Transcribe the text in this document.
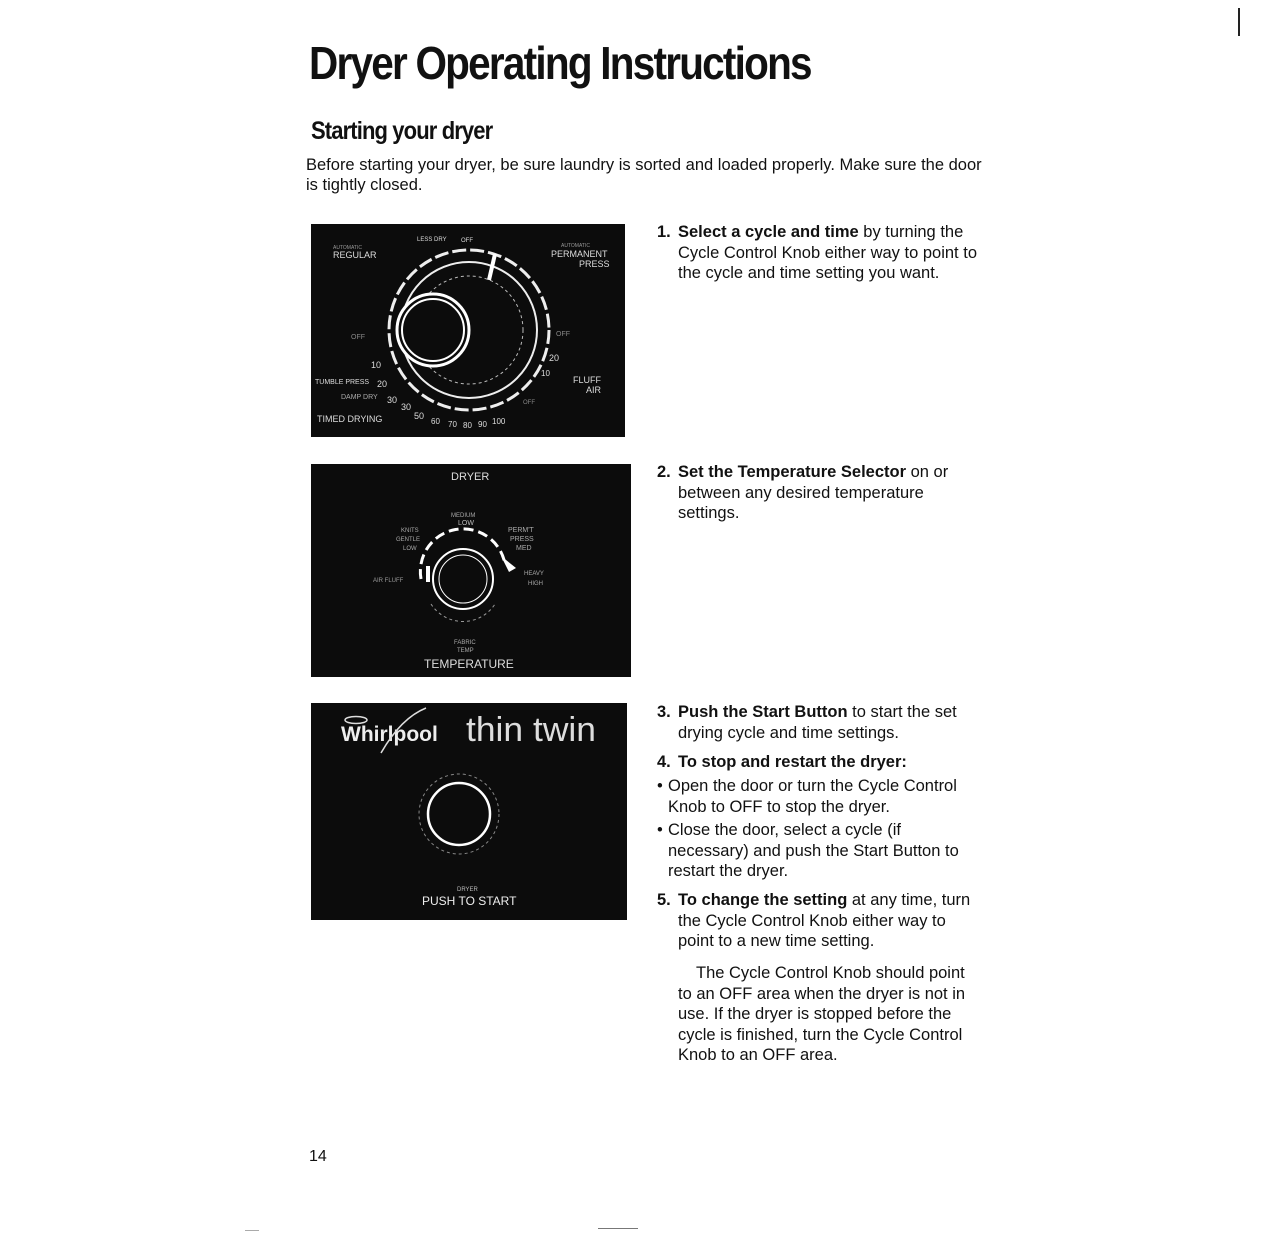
Dryer Operating Instructions
Starting your dryer
Before starting your dryer, be sure laundry is sorted and loaded properly. Make sure the door is tightly closed.
LESS DRY OFF
AUTOMATIC
REGULAR
AUTOMATIC
PERMANENT
PRESS
OFF	OFF
TUMBLE PRESS
DAMP DRY
TIMED DRYING
FLUFF
AIR
OFF
10
20
30
30
50
60 70 80 90 100
20
10
DRYER
MEDIUM
LOW
KNITS
GENTLE
LOW
PERM'T
PRESS
MED
HEAVY
HIGH
AIR FLUFF
FABRIC
TEMP
TEMPERATURE
Whirlpool thin twin
DRYER
PUSH TO START
1. Select a cycle and time by turning the Cycle Control Knob either way to point to the cycle and time setting you want.
2. Set the Temperature Selector on or between any desired temperature settings.
3. Push the Start Button to start the set drying cycle and time settings.
4. To stop and restart the dryer:
• Open the door or turn the Cycle Control Knob to OFF to stop the dryer.
• Close the door, select a cycle (if necessary) and push the Start Button to restart the dryer.
5. To change the setting at any time, turn the Cycle Control Knob either way to point to a new time setting.
The Cycle Control Knob should point to an OFF area when the dryer is not in use. If the dryer is stopped before the cycle is finished, turn the Cycle Control Knob to an OFF area.
14
